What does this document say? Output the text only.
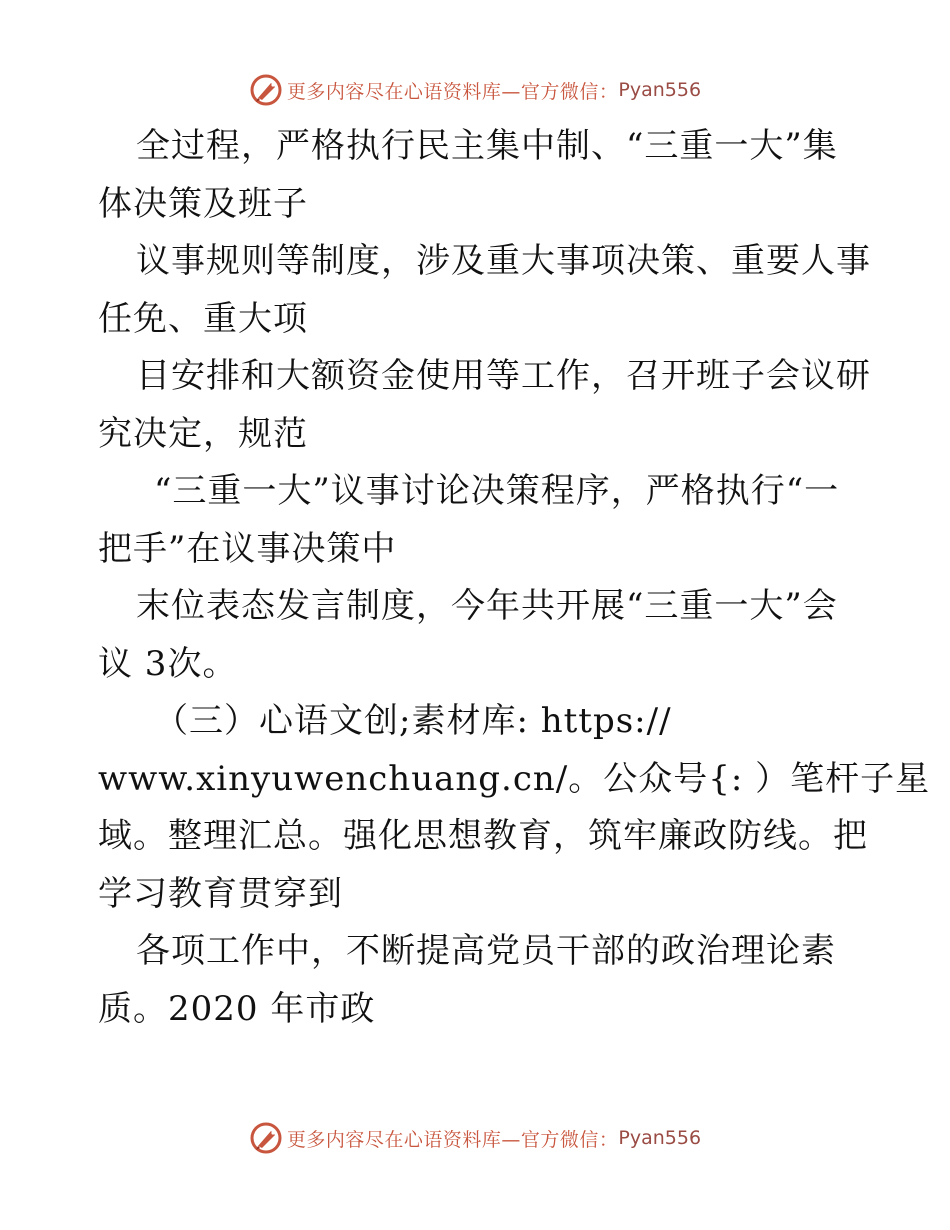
更多内容尽在心语资料库—官方微信： Pyan556
全过程，严格执行民主集中制、“三重一大”集
体决策及班子
议事规则等制度，涉及重大事项决策、重要人事
任免、重大项
目安排和大额资金使用等工作，召开班子会议研
究决定，规范
“三重一大”议事讨论决策程序，严格执行“一
把手”在议事决策中
末位表态发言制度，今年共开展“三重一大”会
议 3次。
（三）心语文创;素材库: https://
www.xinyuwenchuang.cn/。公众号{: ）笔杆子星
域。整理汇总。强化思想教育，筑牢廉政防线。把
学习教育贯穿到
各项工作中，不断提高党员干部的政治理论素
质。2020 年市政
更多内容尽在心语资料库—官方微信： Pyan556
